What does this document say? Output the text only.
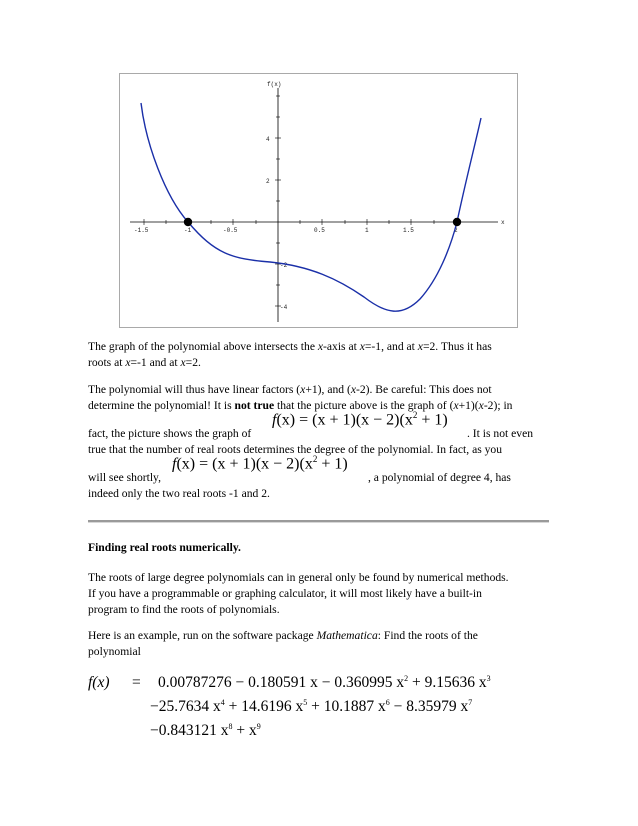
-1.5	-1	-0.5	0.5	1	1.5	2
4
2
-2
-4
f(x)
x
The graph of the polynomial above intersects the x-axis at x=-1, and at x=2. Thus it has
roots at x=-1 and at x=2.
The polynomial will thus have linear factors (x+1), and (x-2). Be careful: This does not
determine the polynomial! It is not true that the picture above is the graph of (x+1)(x-2); in
$f(x) = (x + 1)(x - 2)(x^2 + 1)$
fact, the picture shows the graph of	. It is not even
true that the number of real roots determines the degree of the polynomial. In fact, as you
$f(x) = (x + 1)(x - 2)(x^2 + 1)$
will see shortly,	, a polynomial of degree 4, has
indeed only the two real roots -1 and 2.
Finding real roots numerically.
The roots of large degree polynomials can in general only be found by numerical methods.
If you have a programmable or graphing calculator, it will most likely have a built-in
program to find the roots of polynomials.
Here is an example, run on the software package Mathematica: Find the roots of the
polynomial
f(x) = 0.00787276 − 0.180591 x − 0.360995 $x^2 + 9.15636$ $x^3$
−25.7634 $x^4 + 14.6196$ $x^5 + 10.1887$ $x^6 - 8.35979$ $x^7$
−0.843121 $x^8 + x^9$
